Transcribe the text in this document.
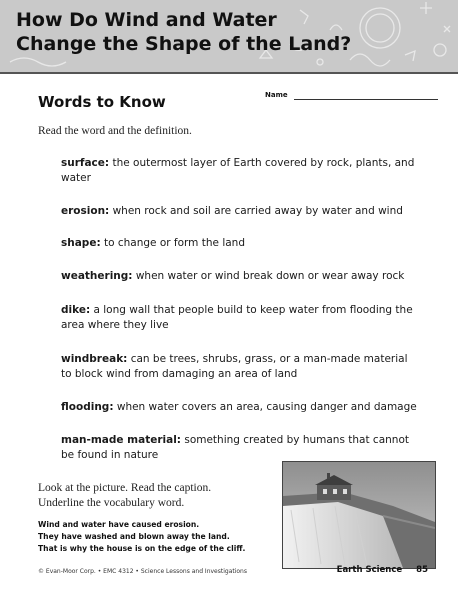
How Do Wind and Water
Change the Shape of the Land?
Words to Know	Name
Read the word and the definition.
surface: the outermost layer of Earth covered by rock, plants, and water
erosion: when rock and soil are carried away by water and wind
shape: to change or form the land
weathering: when water or wind break down or wear away rock
dike: a long wall that people build to keep water from flooding the area where they live
windbreak: can be trees, shrubs, grass, or a man-made material to block wind from damaging an area of land
flooding: when water covers an area, causing danger and damage
man-made material: something created by humans that cannot be found in nature
Look at the picture. Read the caption.
Underline the vocabulary word.
Wind and water have caused erosion.
They have washed and blown away the land.
That is why the house is on the edge of the cliff.
© Evan-Moor Corp. • EMC 4312 • Science Lessons and Investigations	Earth Science 85
